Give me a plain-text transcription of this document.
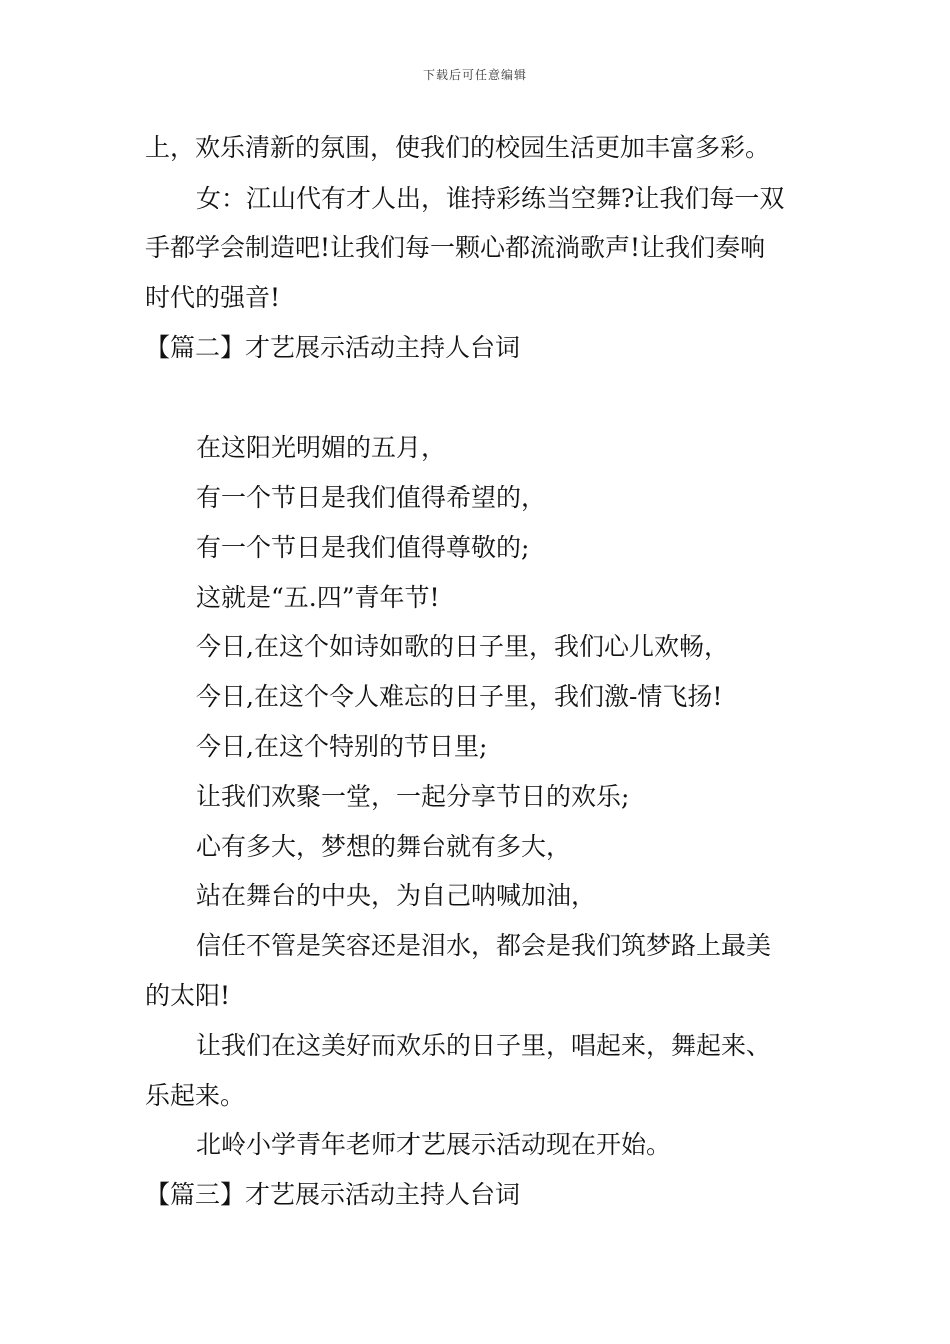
下载后可任意编辑
上，欢乐清新的氛围，使我们的校园生活更加丰富多彩。
女：江山代有才人出，谁持彩练当空舞?让我们每一双
手都学会制造吧!让我们每一颗心都流淌歌声!让我们奏响
时代的强音!
【篇二】才艺展示活动主持人台词
在这阳光明媚的五月，
有一个节日是我们值得希望的，
有一个节日是我们值得尊敬的;
这就是“五.四”青年节!
今日,在这个如诗如歌的日子里，我们心儿欢畅，
今日,在这个令人难忘的日子里，我们激-情飞扬!
今日,在这个特别的节日里;
让我们欢聚一堂，一起分享节日的欢乐;
心有多大，梦想的舞台就有多大，
站在舞台的中央，为自己呐喊加油，
信任不管是笑容还是泪水，都会是我们筑梦路上最美
的太阳!
让我们在这美好而欢乐的日子里，唱起来，舞起来、
乐起来。
北岭小学青年老师才艺展示活动现在开始。
【篇三】才艺展示活动主持人台词
